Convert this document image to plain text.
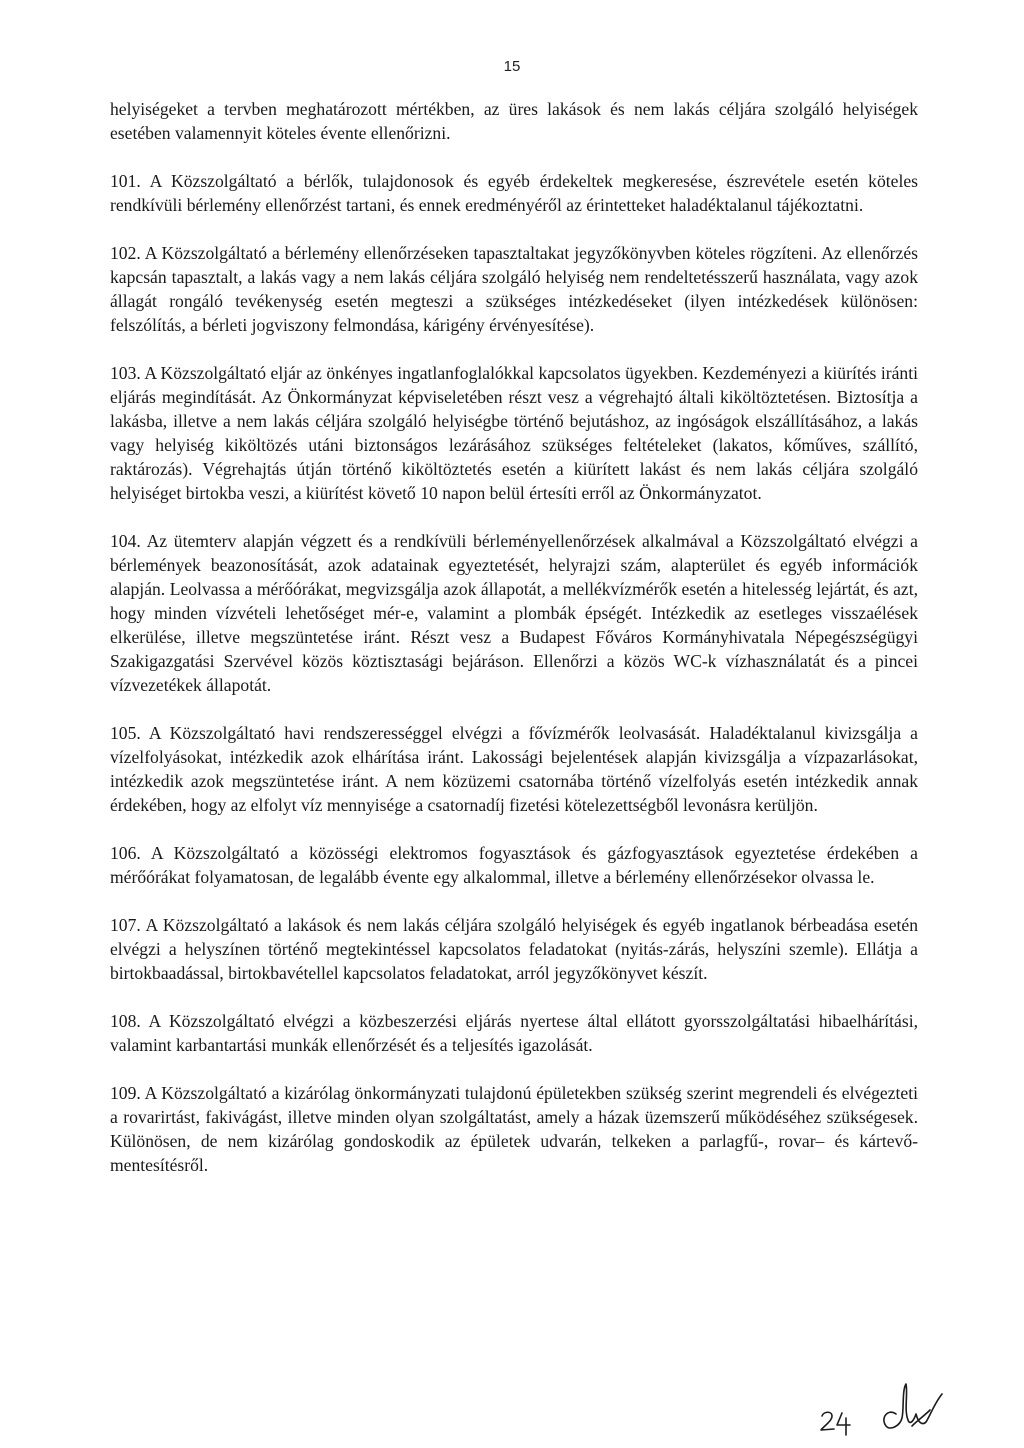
15

helyiségeket a tervben meghatározott mértékben, az üres lakások és nem lakás céljára szolgáló helyiségek esetében valamennyit köteles évente ellenőrizni.

101. A Közszolgáltató a bérlők, tulajdonosok és egyéb érdekeltek megkeresése, észrevétele esetén köteles rendkívüli bérlemény ellenőrzést tartani, és ennek eredményéről az érintetteket haladéktalanul tájékoztatni.

102. A Közszolgáltató a bérlemény ellenőrzéseken tapasztaltakat jegyzőkönyvben köteles rögzíteni. Az ellenőrzés kapcsán tapasztalt, a lakás vagy a nem lakás céljára szolgáló helyiség nem rendeltetésszerű használata, vagy azok állagát rongáló tevékenység esetén megteszi a szükséges intézkedéseket (ilyen intézkedések különösen: felszólítás, a bérleti jogviszony felmondása, kárigény érvényesítése).

103. A Közszolgáltató eljár az önkényes ingatlanfoglalókkal kapcsolatos ügyekben. Kezdeményezi a kiürítés iránti eljárás megindítását. Az Önkormányzat képviseletében részt vesz a végrehajtó általi kiköltöztetésen. Biztosítja a lakásba, illetve a nem lakás céljára szolgáló helyiségbe történő bejutáshoz, az ingóságok elszállításához, a lakás vagy helyiség kiköltözés utáni biztonságos lezárásához szükséges feltételeket (lakatos, kőműves, szállító, raktározás). Végrehajtás útján történő kiköltöztetés esetén a kiürített lakást és nem lakás céljára szolgáló helyiséget birtokba veszi, a kiürítést követő 10 napon belül értesíti erről az Önkormányzatot.

104. Az ütemterv alapján végzett és a rendkívüli bérleményellenőrzések alkalmával a Közszolgáltató elvégzi a bérlemények beazonosítását, azok adatainak egyeztetését, helyrajzi szám, alapterület és egyéb információk alapján. Leolvassa a mérőórákat, megvizsgálja azok állapotát, a mellékvízmérők esetén a hitelesség lejártát, és azt, hogy minden vízvételi lehetőséget mér-e, valamint a plombák épségét. Intézkedik az esetleges visszaélések elkerülése, illetve megszüntetése iránt. Részt vesz a Budapest Főváros Kormányhivatala Népegészségügyi Szakigazgatási Szervével közös köztisztasági bejáráson. Ellenőrzi a közös WC-k vízhasználatát és a pincei vízvezetékek állapotát.

105. A Közszolgáltató havi rendszerességgel elvégzi a fővízmérők leolvasását. Haladéktalanul kivizsgálja a vízelfolyásokat, intézkedik azok elhárítása iránt. Lakossági bejelentések alapján kivizsgálja a vízpazarlásokat, intézkedik azok megszüntetése iránt. A nem közüzemi csatornába történő vízelfolyás esetén intézkedik annak érdekében, hogy az elfolyt víz mennyisége a csatornadíj fizetési kötelezettségből levonásra kerüljön.

106. A Közszolgáltató a közösségi elektromos fogyasztások és gázfogyasztások egyeztetése érdekében a mérőórákat folyamatosan, de legalább évente egy alkalommal, illetve a bérlemény ellenőrzésekor olvassa le.

107. A Közszolgáltató a lakások és nem lakás céljára szolgáló helyiségek és egyéb ingatlanok bérbeadása esetén elvégzi a helyszínen történő megtekintéssel kapcsolatos feladatokat (nyitás-zárás, helyszíni szemle). Ellátja a birtokbaadással, birtokbavétellel kapcsolatos feladatokat, arról jegyzőkönyvet készít.

108. A Közszolgáltató elvégzi a közbeszerzési eljárás nyertese által ellátott gyorsszolgáltatási hibaelhárítási, valamint karbantartási munkák ellenőrzését és a teljesítés igazolását.

109. A Közszolgáltató a kizárólag önkormányzati tulajdonú épületekben szükség szerint megrendeli és elvégezteti a rovarirtást, fakivágást, illetve minden olyan szolgáltatást, amely a házak üzemszerű működéséhez szükségesek. Különösen, de nem kizárólag gondoskodik az épületek udvarán, telkeken a parlagfű-, rovar– és kártevő-mentesítésről.
